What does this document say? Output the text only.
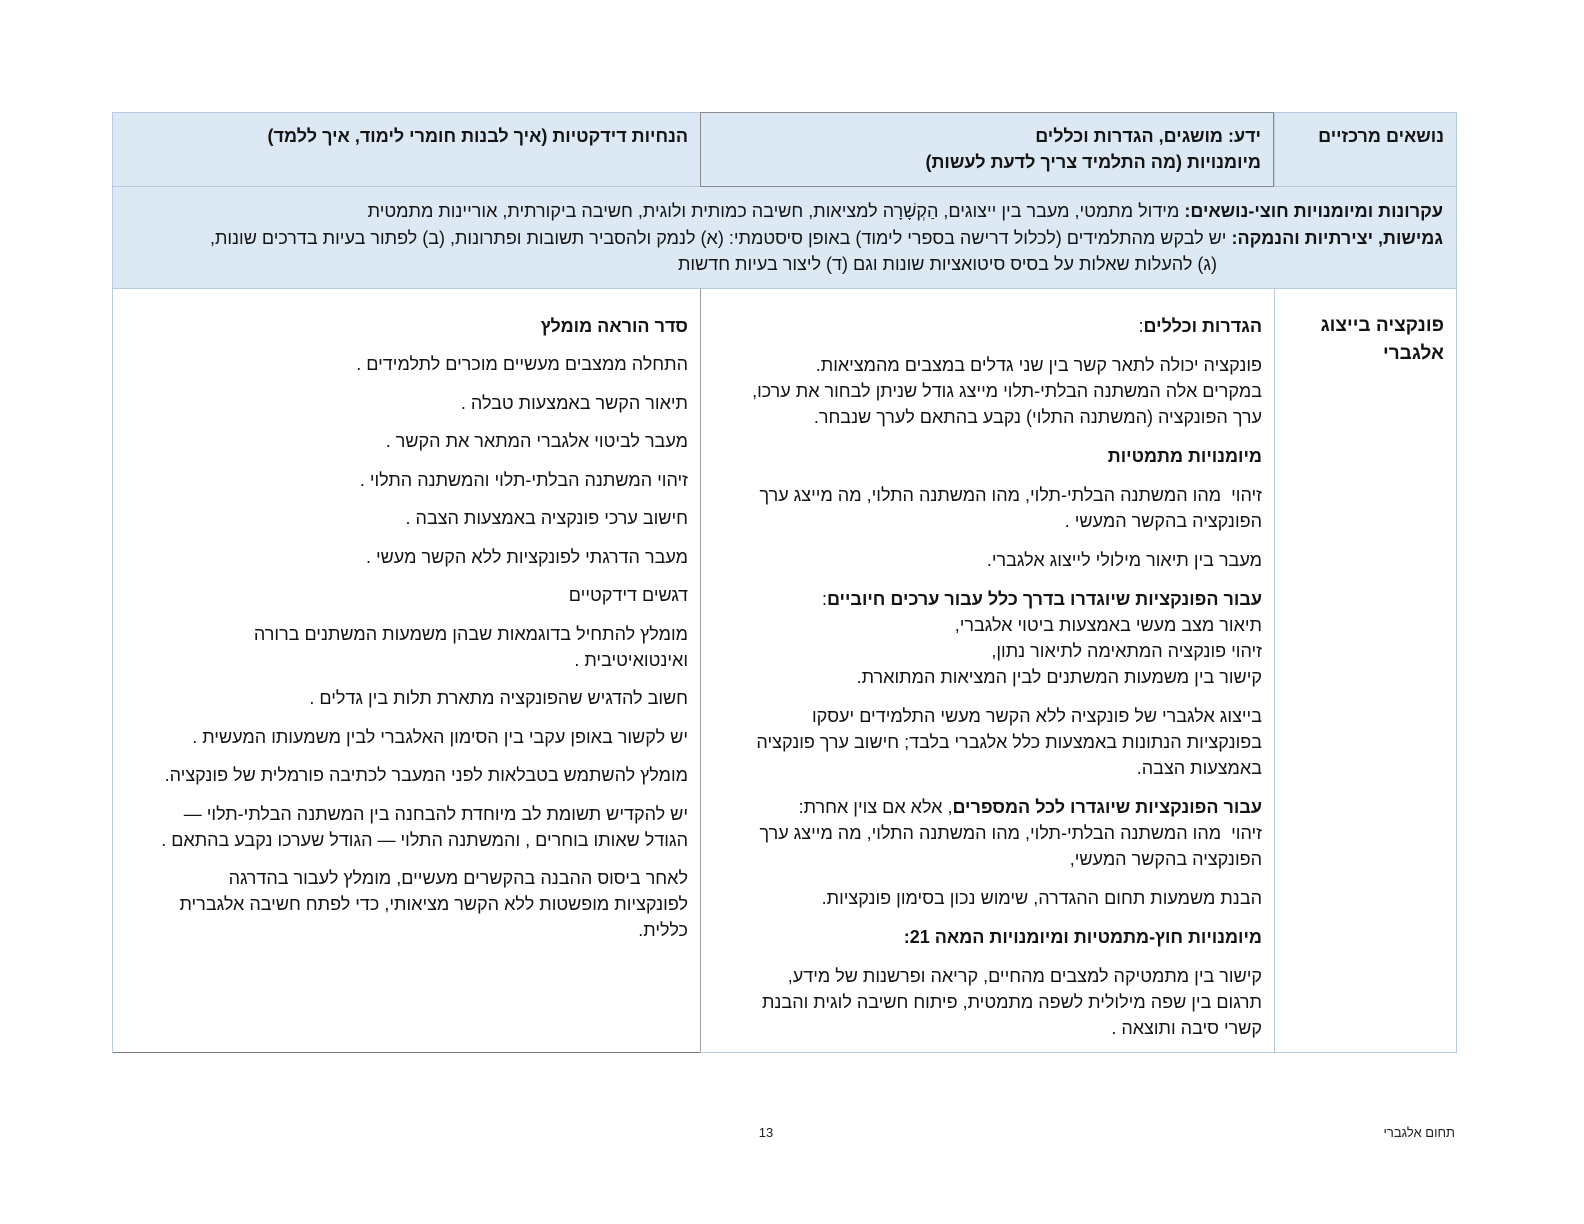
נושאים מרכזיים
ידע: מושגים, הגדרות וכללים
מיומנויות (מה התלמיד צריך לדעת לעשות)
הנחיות דידקטיות (איך לבנות חומרי לימוד, איך ללמד)
עקרונות ומיומנויות חוצי-נושאים: מידול מתמטי, מעבר בין ייצוגים, הַקְשָׁרָה למציאות, חשיבה כמותית ולוגית, חשיבה ביקורתית, אוריינות מתמטית
גמישות, יצירתיות והנמקה: יש לבקש מהתלמידים (לכלול דרישה בספרי לימוד) באופן סיסטמתי: (א) לנמק ולהסביר תשובות ופתרונות, (ב) לפתור בעיות בדרכים שונות,
(ג) להעלות שאלות על בסיס סיטואציות שונות וגם (ד) ליצור בעיות חדשות
פונקציה בייצוג אלגברי
הגדרות וכללים:
פונקציה יכולה לתאר קשר בין שני גדלים במצבים מהמציאות.
במקרים אלה המשתנה הבלתי-תלוי מייצג גודל שניתן לבחור את ערכו,
ערך הפונקציה (המשתנה התלוי) נקבע בהתאם לערך שנבחר.
מיומנויות מתמטיות
זיהוי  מהו המשתנה הבלתי-תלוי, מהו המשתנה התלוי, מה מייצג ערך
הפונקציה בהקשר המעשי .
מעבר בין תיאור מילולי לייצוג אלגברי.
עבור הפונקציות שיוגדרו בדרך כלל עבור ערכים חיוביים:
תיאור מצב מעשי באמצעות ביטוי אלגברי,
זיהוי פונקציה המתאימה לתיאור נתון,
קישור בין משמעות המשתנים לבין המציאות המתוארת.
בייצוג אלגברי של פונקציה ללא הקשר מעשי התלמידים יעסקו
בפונקציות הנתונות באמצעות כלל אלגברי בלבד; חישוב ערך פונקציה
באמצעות הצבה.
עבור הפונקציות שיוגדרו לכל המספרים, אלא אם צוין אחרת:
זיהוי  מהו המשתנה הבלתי-תלוי, מהו המשתנה התלוי, מה מייצג ערך
הפונקציה בהקשר המעשי,
הבנת משמעות תחום ההגדרה, שימוש נכון בסימון פונקציות.
מיומנויות חוץ-מתמטיות ומיומנויות המאה 21:
קישור בין מתמטיקה למצבים מהחיים, קריאה ופרשנות של מידע,
תרגום בין שפה מילולית לשפה מתמטית, פיתוח חשיבה לוגית והבנת
קשרי סיבה ותוצאה .
סדר הוראה מומלץ
התחלה ממצבים מעשיים מוכרים לתלמידים .
תיאור הקשר באמצעות טבלה .
מעבר לביטוי אלגברי המתאר את הקשר .
זיהוי המשתנה הבלתי-תלוי והמשתנה התלוי .
חישוב ערכי פונקציה באמצעות הצבה .
מעבר הדרגתי לפונקציות ללא הקשר מעשי .
דגשים דידקטיים
מומלץ להתחיל בדוגמאות שבהן משמעות המשתנים ברורה
ואינטואיטיבית .
חשוב להדגיש שהפונקציה מתארת תלות בין גדלים .
יש לקשור באופן עקבי בין הסימון האלגברי לבין משמעותו המעשית .
מומלץ להשתמש בטבלאות לפני המעבר לכתיבה פורמלית של פונקציה.
יש להקדיש תשומת לב מיוחדת להבחנה בין המשתנה הבלתי-תלוי —
הגודל שאותו בוחרים , והמשתנה התלוי — הגודל שערכו נקבע בהתאם .
לאחר ביסוס ההבנה בהקשרים מעשיים, מומלץ לעבור בהדרגה
לפונקציות מופשטות ללא הקשר מציאותי, כדי לפתח חשיבה אלגברית
כללית.
תחום אלגברי
13
